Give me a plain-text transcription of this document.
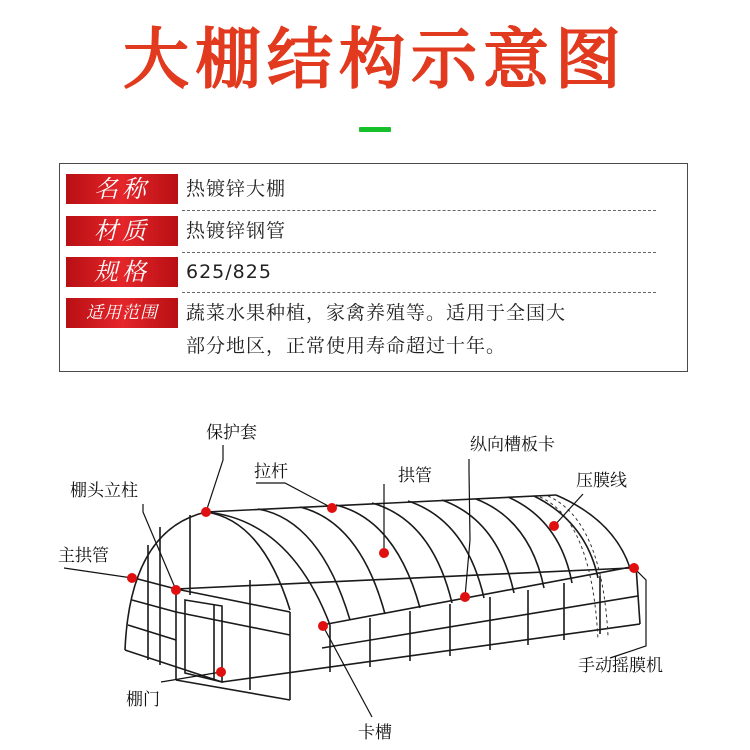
大棚结构示意图
名称	热镀锌大棚
材质	热镀锌钢管
规格	625/825
适用范围	蔬菜水果种植，家禽养殖等。适用于全国大
部分地区，正常使用寿命超过十年。
保护套
拉杆
纵向槽板卡
拱管	压膜线
棚头立柱
主拱管
手动摇膜机
棚门
卡槽
